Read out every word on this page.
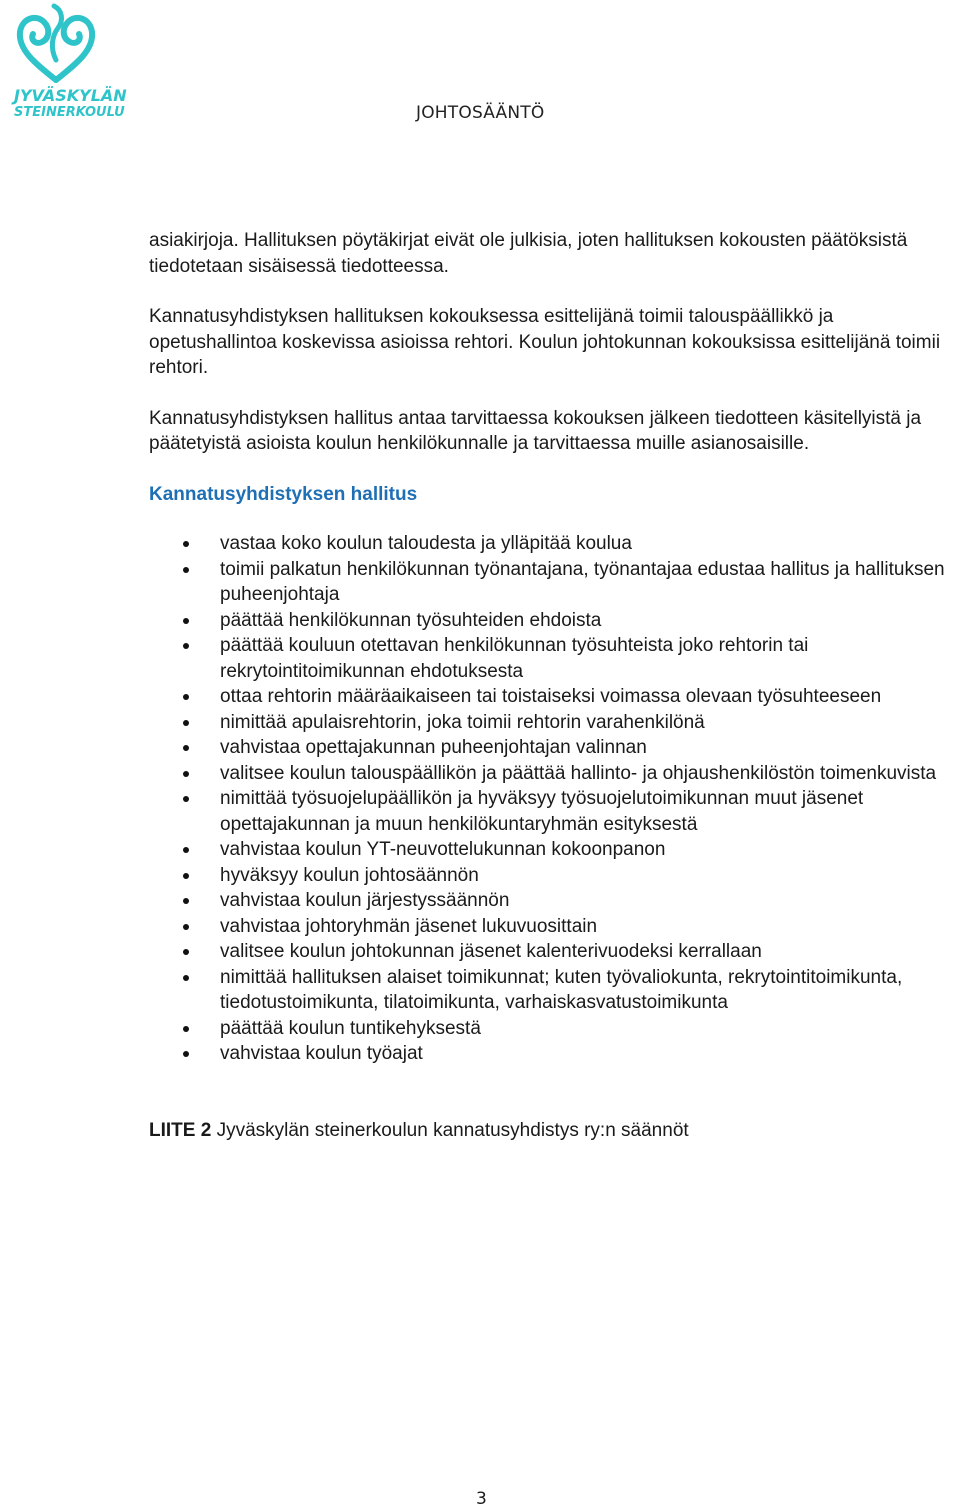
JYVÄSKYLÄN
STEINERKOULU	JOHTOSÄÄNTÖ

asiakirjoja. Hallituksen pöytäkirjat eivät ole julkisia, joten hallituksen kokousten päätöksistä tiedotetaan sisäisessä tiedotteessa.

Kannatusyhdistyksen hallituksen kokouksessa esittelijänä toimii talouspäällikkö ja opetushallintoa koskevissa asioissa rehtori. Koulun johtokunnan kokouksissa esittelijänä toimii rehtori.

Kannatusyhdistyksen hallitus antaa tarvittaessa kokouksen jälkeen tiedotteen käsitellyistä ja päätetyistä asioista koulun henkilökunnalle ja tarvittaessa muille asianosaisille.

Kannatusyhdistyksen hallitus
vastaa koko koulun taloudesta ja ylläpitää koulua
toimii palkatun henkilökunnan työnantajana, työnantajaa edustaa hallitus ja hallituksen puheenjohtaja
päättää henkilökunnan työsuhteiden ehdoista
päättää kouluun otettavan henkilökunnan työsuhteista joko rehtorin tai rekrytointitoimikunnan ehdotuksesta
ottaa rehtorin määräaikaiseen tai toistaiseksi voimassa olevaan työsuhteeseen
nimittää apulaisrehtorin, joka toimii rehtorin varahenkilönä
vahvistaa opettajakunnan puheenjohtajan valinnan
valitsee koulun talouspäällikön ja päättää hallinto- ja ohjaushenkilöstön toimenkuvista
nimittää työsuojelupäällikön ja hyväksyy työsuojelutoimikunnan muut jäsenet opettajakunnan ja muun henkilökuntaryhmän esityksestä
vahvistaa koulun YT-neuvottelukunnan kokoonpanon
hyväksyy koulun johtosäännön
vahvistaa koulun järjestyssäännön
vahvistaa johtoryhmän jäsenet lukuvuosittain
valitsee koulun johtokunnan jäsenet kalenterivuodeksi kerrallaan
nimittää hallituksen alaiset toimikunnat; kuten työvaliokunta, rekrytointitoimikunta, tiedotustoimikunta, tilatoimikunta, varhaiskasvatustoimikunta
päättää koulun tuntikehyksestä
vahvistaa koulun työajat
LIITE 2 Jyväskylän steinerkoulun kannatusyhdistys ry:n säännöt
3
